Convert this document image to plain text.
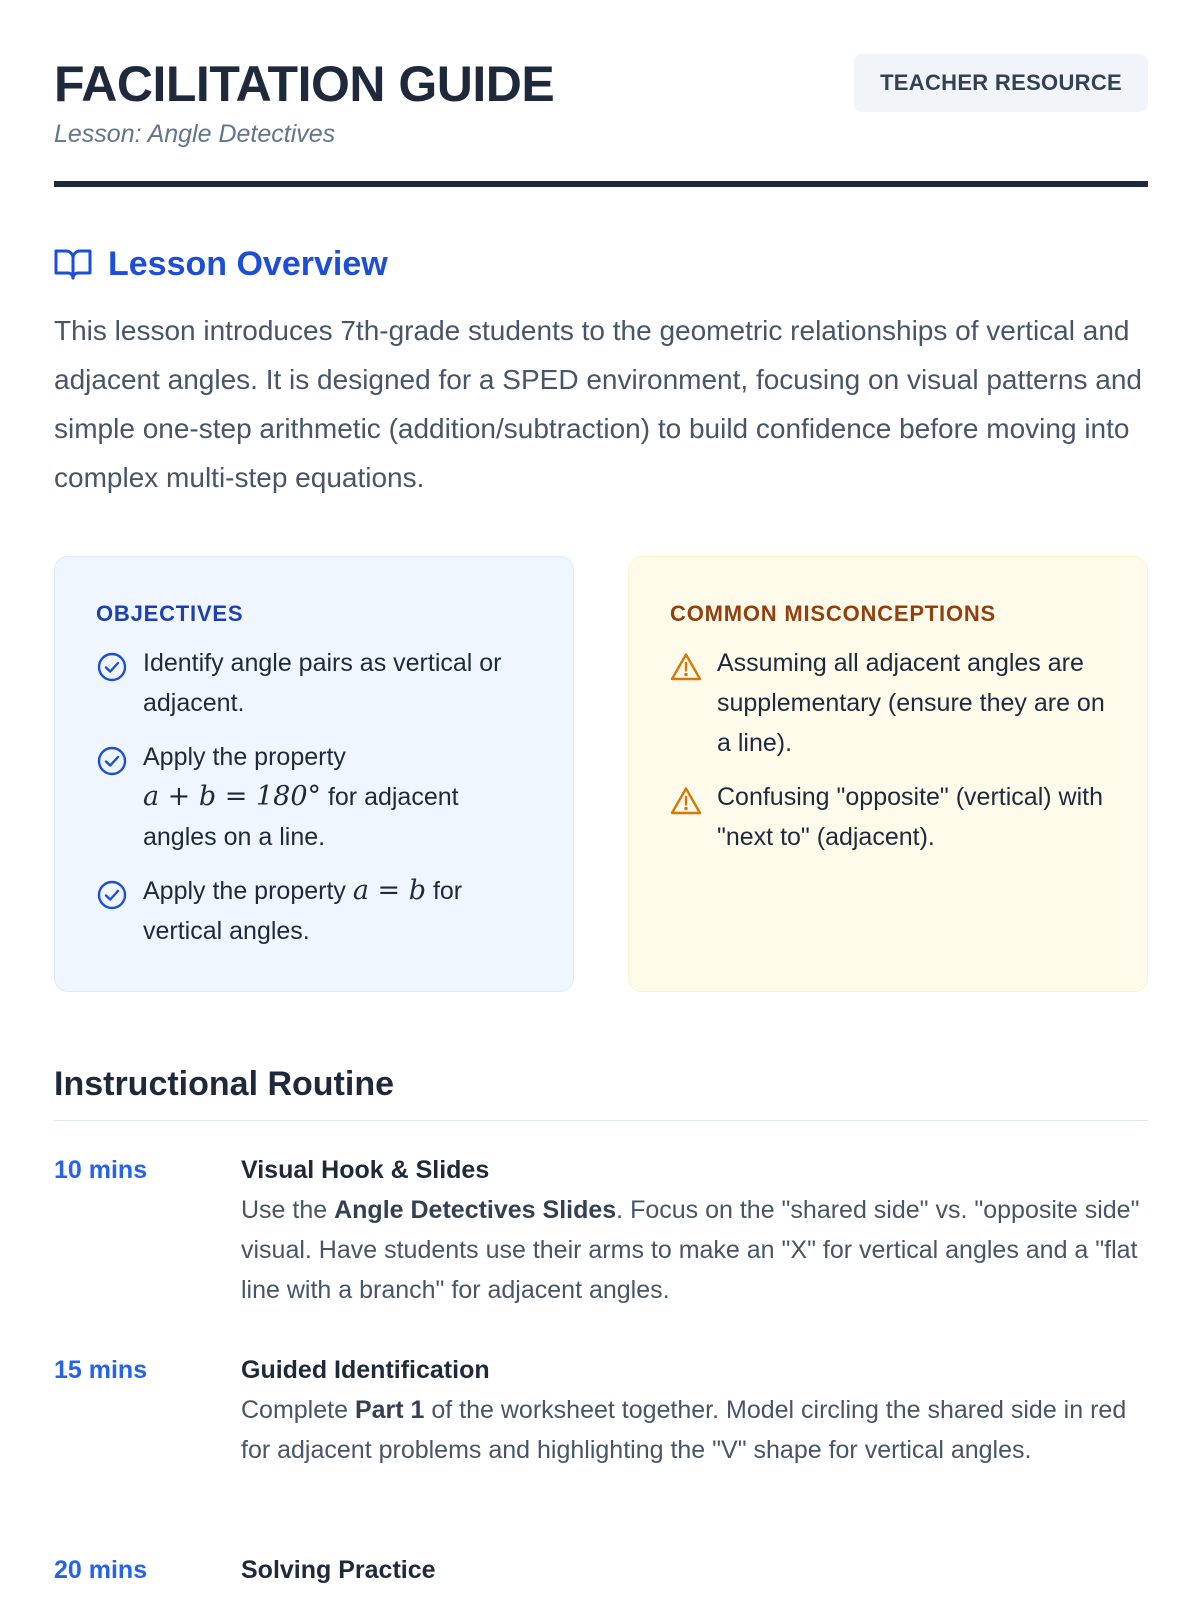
FACILITATION GUIDE
Lesson: Angle Detectives
TEACHER RESOURCE
Lesson Overview

This lesson introduces 7th-grade students to the geometric relationships of vertical and adjacent angles. It is designed for a SPED environment, focusing on visual patterns and simple one-step arithmetic (addition/subtraction) to build confidence before moving into complex multi-step equations.

OBJECTIVES
Identify angle pairs as vertical or adjacent.
Apply the property
a + b = 180° for adjacent angles on a line.
Apply the property a = b for vertical angles.
COMMON MISCONCEPTIONS
Assuming all adjacent angles are supplementary (ensure they are on a line).
Confusing "opposite" (vertical) with "next to" (adjacent).
Instructional Routine
10 mins	Visual Hook & Slides
Use the Angle Detectives Slides. Focus on the "shared side" vs. "opposite side" visual. Have students use their arms to make an "X" for vertical angles and a "flat line with a branch" for adjacent angles.
15 mins	Guided Identification
Complete Part 1 of the worksheet together. Model circling the shared side in red for adjacent problems and highlighting the "V" shape for vertical angles.
20 mins	Solving Practice
